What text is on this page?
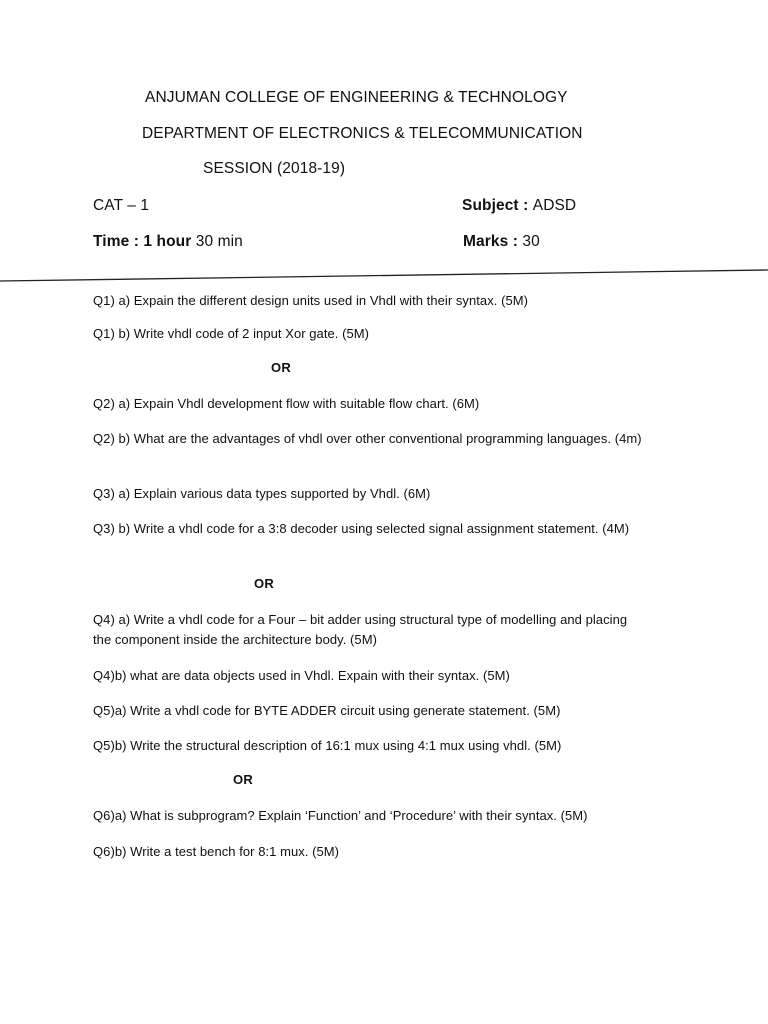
ANJUMAN COLLEGE OF ENGINEERING & TECHNOLOGY
DEPARTMENT OF ELECTRONICS & TELECOMMUNICATION
SESSION (2018-19)
CAT – 1	Subject : ADSD
Time : 1 hour 30 min	Marks : 30
Q1) a) Expain the different design units used in Vhdl with their syntax. (5M)
Q1) b) Write vhdl code of 2 input Xor gate. (5M)
OR
Q2) a) Expain Vhdl development flow with suitable flow chart. (6M)
Q2) b) What are the advantages of vhdl over other conventional programming languages. (4m)
Q3) a) Explain various data types supported by Vhdl. (6M)
Q3) b) Write a vhdl code for a 3:8 decoder using selected signal assignment statement. (4M)
OR
Q4) a) Write a vhdl code for a Four – bit adder using structural type of modelling and placing the component inside the architecture body. (5M)
Q4)b) what are data objects used in Vhdl. Expain with their syntax. (5M)
Q5)a) Write a vhdl code for BYTE ADDER circuit using generate statement. (5M)
Q5)b) Write the structural description of 16:1 mux using 4:1 mux using vhdl. (5M)
OR
Q6)a) What is subprogram? Explain ‘Function’ and ‘Procedure’ with their syntax. (5M)
Q6)b) Write a test bench for 8:1 mux. (5M)
